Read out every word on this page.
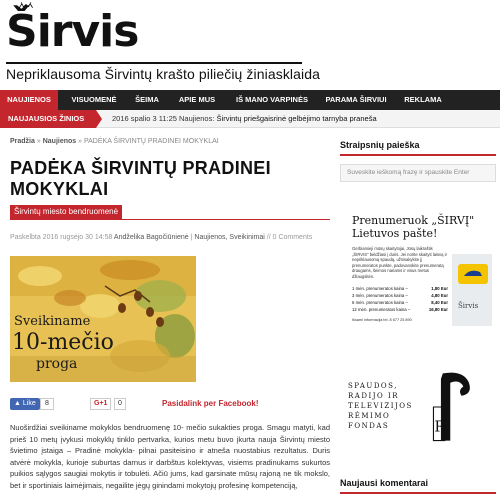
Širvis
Nepriklausoma Širvintų krašto piliečių žiniasklaida
NAUJIENOS	VISUOMENĖ	ŠEIMA	APIE MUS	IŠ MANO VARPINĖS	PARAMA ŠIRVIUI	REKLAMA
NAUJAUSIOS ŽINIOS	2016 spalio 3 11:25 Naujienos: Širvintų priešgaisrinė gelbėjimo tarnyba praneša
Pradžia » Naujienos » PADĖKA ŠIRVINTŲ PRADINEI MOKYKLAI
PADĖKA ŠIRVINTŲ PRADINEI MOKYKLAI
Širvintų miesto bendruomenė
Paskelbta 2016 rugsėjo 30 14:58 Andželika Bagočiūnienė | Naujienos, Sveikinimai // 0 Comments
Sveikiname
10-mečio
proga
▲ Like	8	G+1	0	Pasidalink per Facebook!

Nuoširdžiai sveikiname mokyklos bendruomenę 10- mečio sukakties proga. Smagu matyti, kad prieš 10 metų įvykusi mokyklų tinklo pertvarka, kurios metu buvo įkurta nauja Širvintų miesto švietimo įstaiga – Pradinė mokykla- pilnai pasiteisino ir atneša nuostabius rezultatus. Duris atvėrė mokykla, kurioje suburtas darnus ir darbštus kolektyvas, visiems pradinukams sukurtos puikios sąlygos saugiai mokytis ir tobulėti. Ačiū jums, kad garsinate mūsų rajoną ne tik mokslo, bet ir sportiniais laimėjimais, negailite jėgų ginindami mokytojų profesinę kompetenciją,

Straipsnių paieška
Suveskite ieškomą frazę ir spauskite Enter
Prenumeruok „ŠIRVĮ"
Lietuvos pašte!
Gerbiamieji mūsų skaitytojai, Jūsų laikraštis „ŠIRVIS" beldžiasi į duris. Jei norite skaityti laisvą ir nepriklausomą spaudą, užsisakykite jį prenumeratos punkte, padovanokite prenumeratą draugams, šeimos nariams ir visus metus džiaugsitės.
1 mėn. prenumeratos kaina –	1,80 Eur
3 mėn. prenumeratos kaina –	4,80 Eur
6 mėn. prenumeratos kaina –	8,40 Eur
12 mėn. prenumeratos kaina –	16,80 Eur
Išsami informacija tel. 8 677 25 890
Širvis
SPAUDOS,
RADIJO IR
TELEVIZIJOS
RĖMIMO
FONDAS	R
Naujausi komentarai
